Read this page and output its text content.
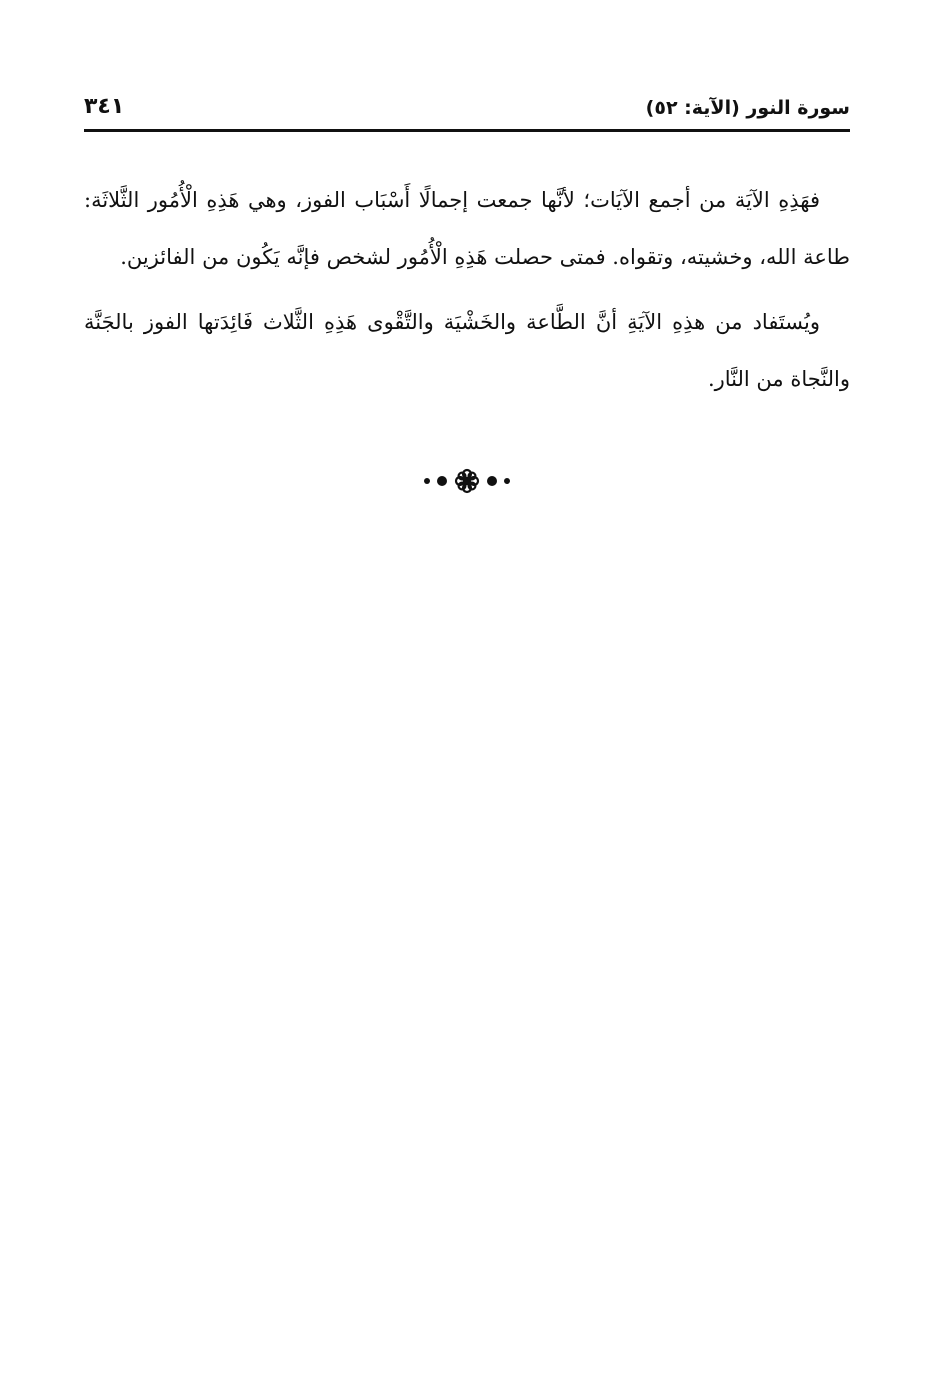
سورة النور (الآية: ٥٢)
٣٤١

فهَذِهِ الآيَة من أجمع الآيَات؛ لأنَّها جمعت إجمالًا أَسْبَاب الفوز، وهي هَذِهِ الْأُمُور الثَّلاثَة: طاعة الله، وخشيته، وتقواه. فمتى حصلت هَذِهِ الْأُمُور لشخص فإنَّه يَكُون من الفائزين.

ويُستَفاد من هذِهِ الآيَةِ أنَّ الطَّاعة والخَشْيَة والتَّقْوى هَذِهِ الثَّلاث فَائِدَتها الفوز بالجَنَّة والنَّجاة من النَّار.
